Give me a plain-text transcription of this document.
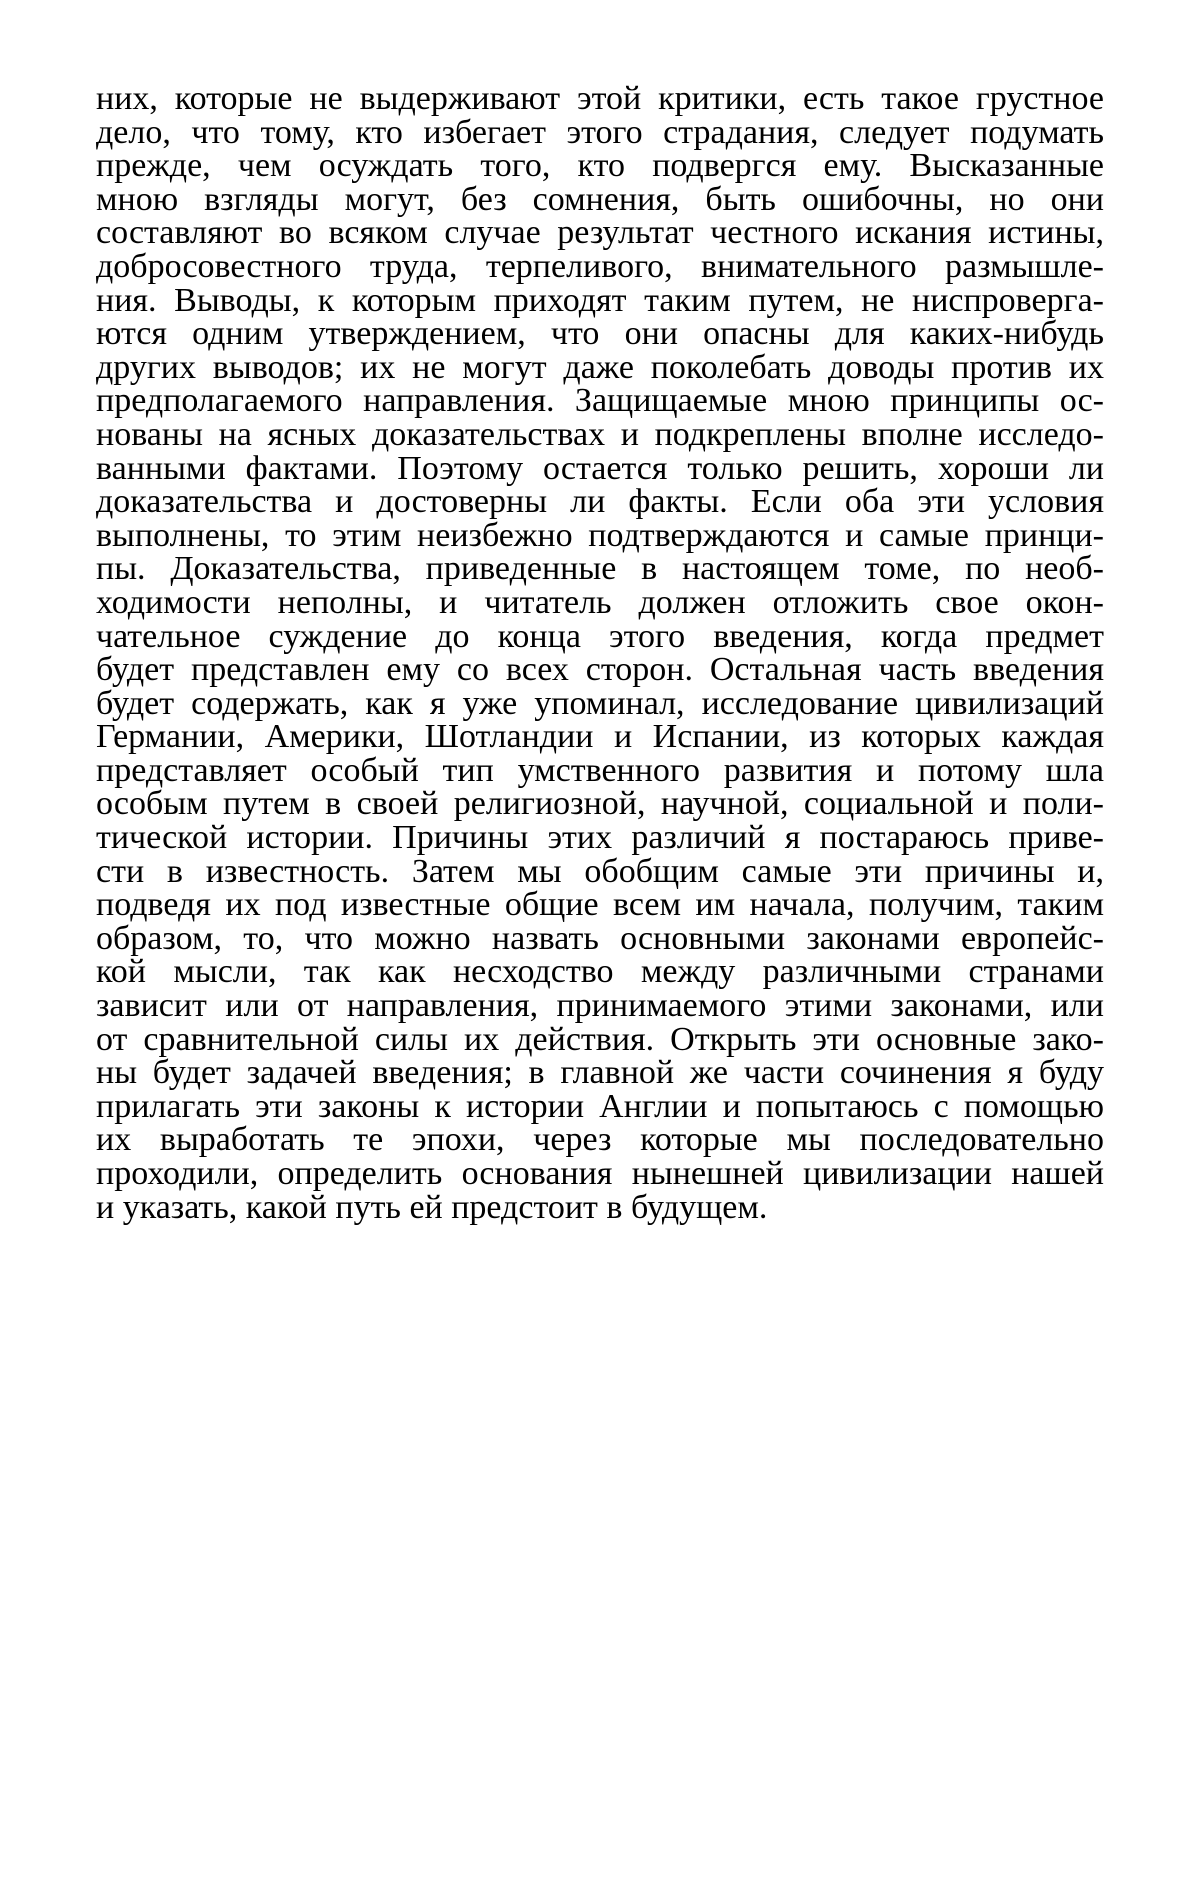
них, которые не выдерживают этой критики, есть такое грустное
дело, что тому, кто избегает этого страдания, следует подумать
прежде, чем осуждать того, кто подвергся ему. Высказанные
мною взгляды могут, без сомнения, быть ошибочны, но они
составляют во всяком случае результат честного искания истины,
добросовестного труда, терпеливого, внимательного размышле-
ния. Выводы, к которым приходят таким путем, не ниспроверга-
ются одним утверждением, что они опасны для каких-нибудь
других выводов; их не могут даже поколебать доводы против их
предполагаемого направления. Защищаемые мною принципы ос-
нованы на ясных доказательствах и подкреплены вполне исследо-
ванными фактами. Поэтому остается только решить, хороши ли
доказательства и достоверны ли факты. Если оба эти условия
выполнены, то этим неизбежно подтверждаются и самые принци-
пы. Доказательства, приведенные в настоящем томе, по необ-
ходимости неполны, и читатель должен отложить свое окон-
чательное суждение до конца этого введения, когда предмет
будет представлен ему со всех сторон. Остальная часть введения
будет содержать, как я уже упоминал, исследование цивилизаций
Германии, Америки, Шотландии и Испании, из которых каждая
представляет особый тип умственного развития и потому шла
особым путем в своей религиозной, научной, социальной и поли-
тической истории. Причины этих различий я постараюсь приве-
сти в известность. Затем мы обобщим самые эти причины и,
подведя их под известные общие всем им начала, получим, таким
образом, то, что можно назвать основными законами европейс-
кой мысли, так как несходство между различными странами
зависит или от направления, принимаемого этими законами, или
от сравнительной силы их действия. Открыть эти основные зако-
ны будет задачей введения; в главной же части сочинения я буду
прилагать эти законы к истории Англии и попытаюсь с помощью
их выработать те эпохи, через которые мы последовательно
проходили, определить основания нынешней цивилизации нашей
и указать, какой путь ей предстоит в будущем.
